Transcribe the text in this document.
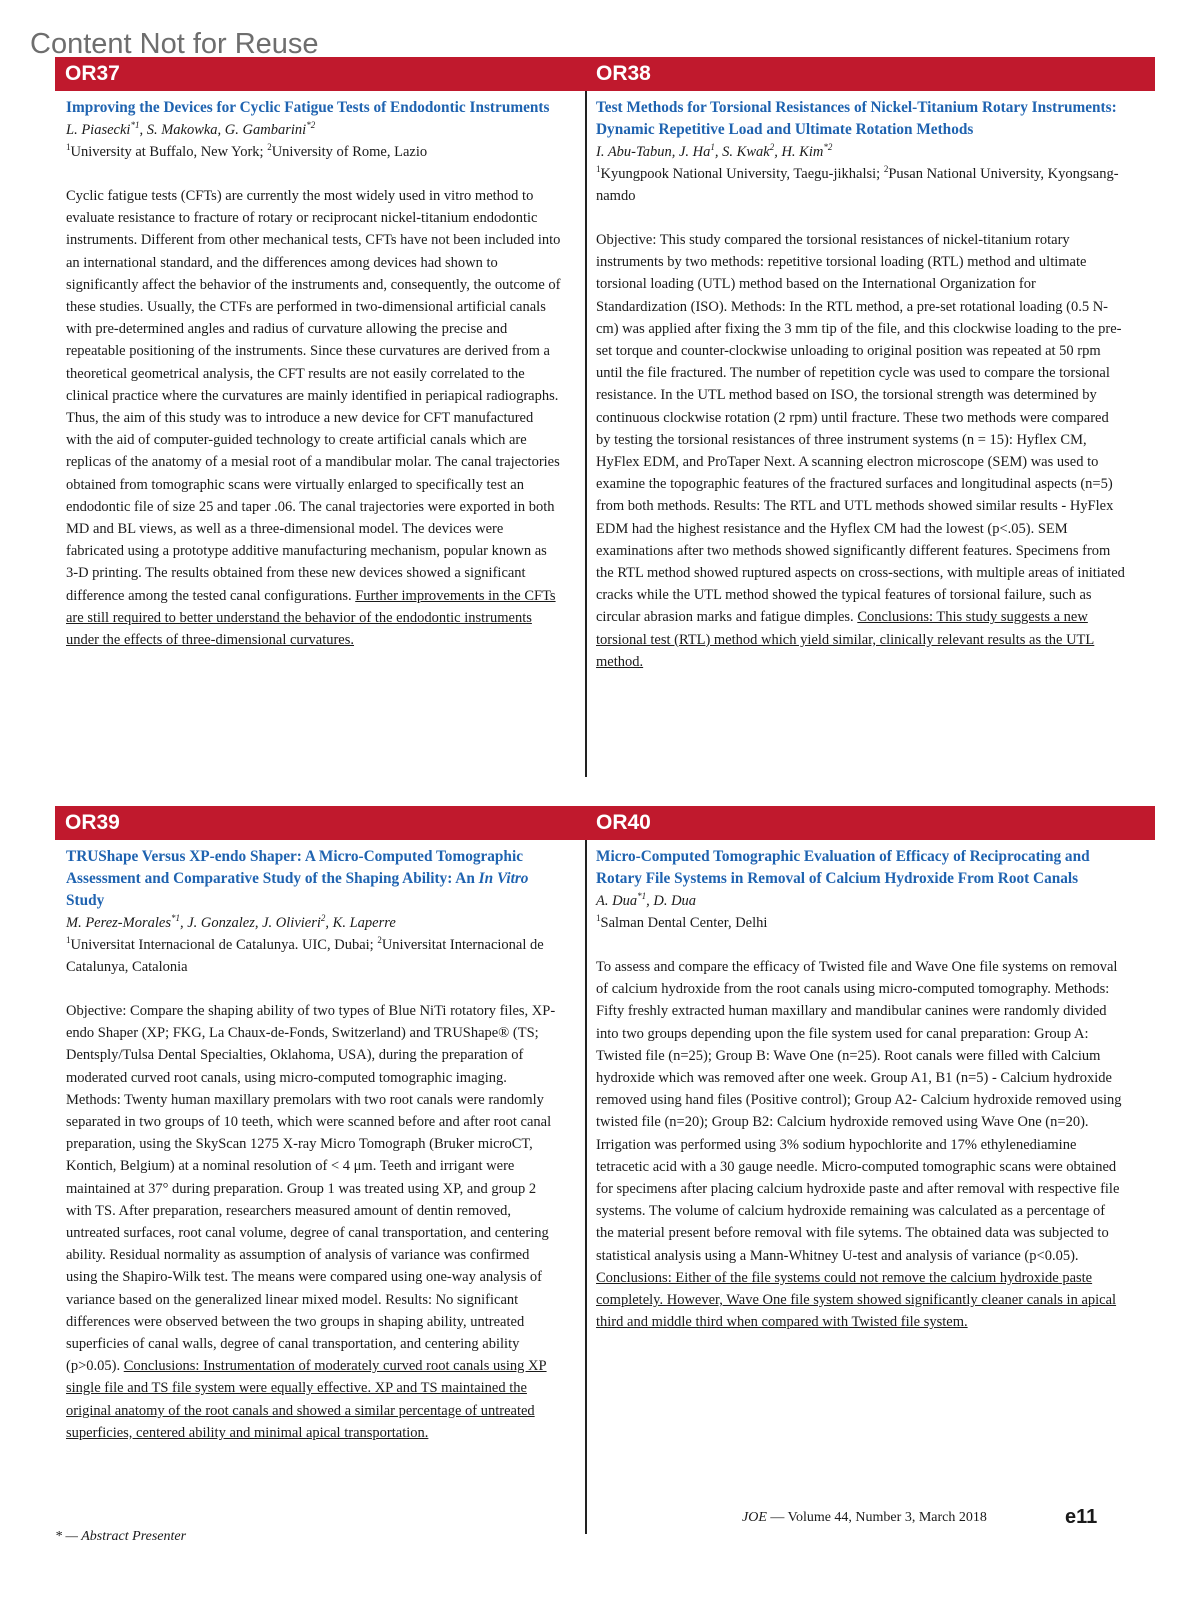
Content Not for Reuse
OR37	OR38

Improving the Devices for Cyclic Fatigue Tests of Endodontic Instruments

L. Piasecki$^{*1}$, S. Makowka, G. Gambarini$^{*2}$

$^1$University at Buffalo, New York; $^2$University of Rome, Lazio

Cyclic fatigue tests (CFTs) are currently the most widely used in vitro method to evaluate resistance to fracture of rotary or reciprocant nickel-titanium endodontic instruments. Different from other mechanical tests, CFTs have not been included into an international standard, and the differences among devices had shown to significantly affect the behavior of the instruments and, consequently, the outcome of these studies. Usually, the CTFs are performed in two-dimensional artificial canals with pre-determined angles and radius of curvature allowing the precise and repeatable positioning of the instruments. Since these curvatures are derived from a theoretical geometrical analysis, the CFT results are not easily correlated to the clinical practice where the curvatures are mainly identified in periapical radiographs. Thus, the aim of this study was to introduce a new device for CFT manufactured with the aid of computer-guided technology to create artificial canals which are replicas of the anatomy of a mesial root of a mandibular molar. The canal trajectories obtained from tomographic scans were virtually enlarged to specifically test an endodontic file of size 25 and taper .06. The canal trajectories were exported in both MD and BL views, as well as a three-dimensional model. The devices were fabricated using a prototype additive manufacturing mechanism, popular known as 3-D printing. The results obtained from these new devices showed a significant difference among the tested canal configurations. Further improvements in the CFTs are still required to better understand the behavior of the endodontic instruments under the effects of three-dimensional curvatures.

Test Methods for Torsional Resistances of Nickel-Titanium Rotary Instruments: Dynamic Repetitive Load and Ultimate Rotation Methods

I. Abu-Tabun, J. Ha$^1$, S. Kwak$^2$, H. Kim$^{*2}$

$^1$Kyungpook National University, Taegu-jikhalsi; $^2$Pusan National University, Kyongsang-namdo

Objective: This study compared the torsional resistances of nickel-titanium rotary instruments by two methods: repetitive torsional loading (RTL) method and ultimate torsional loading (UTL) method based on the International Organization for Standardization (ISO). Methods: In the RTL method, a pre-set rotational loading (0.5 N-cm) was applied after fixing the 3 mm tip of the file, and this clockwise loading to the pre-set torque and counter-clockwise unloading to original position was repeated at 50 rpm until the file fractured. The number of repetition cycle was used to compare the torsional resistance. In the UTL method based on ISO, the torsional strength was determined by continuous clockwise rotation (2 rpm) until fracture. These two methods were compared by testing the torsional resistances of three instrument systems (n = 15): Hyflex CM, HyFlex EDM, and ProTaper Next. A scanning electron microscope (SEM) was used to examine the topographic features of the fractured surfaces and longitudinal aspects (n=5) from both methods. Results: The RTL and UTL methods showed similar results - HyFlex EDM had the highest resistance and the Hyflex CM had the lowest (p<.05). SEM examinations after two methods showed significantly different features. Specimens from the RTL method showed ruptured aspects on cross-sections, with multiple areas of initiated cracks while the UTL method showed the typical features of torsional failure, such as circular abrasion marks and fatigue dimples. Conclusions: This study suggests a new torsional test (RTL) method which yield similar, clinically relevant results as the UTL method.

OR39	OR40

TRUShape Versus XP-endo Shaper: A Micro-Computed Tomographic Assessment and Comparative Study of the Shaping Ability: An In Vitro Study

M. Perez-Morales$^{*1}$, J. Gonzalez, J. Olivieri$^2$, K. Laperre

$^1$Universitat Internacional de Catalunya. UIC, Dubai; $^2$Universitat Internacional de Catalunya, Catalonia

Objective: Compare the shaping ability of two types of Blue NiTi rotatory files, XP-endo Shaper (XP; FKG, La Chaux-de-Fonds, Switzerland) and TRUShape® (TS; Dentsply/Tulsa Dental Specialties, Oklahoma, USA), during the preparation of moderated curved root canals, using micro-computed tomographic imaging. Methods: Twenty human maxillary premolars with two root canals were randomly separated in two groups of 10 teeth, which were scanned before and after root canal preparation, using the SkyScan 1275 X-ray Micro Tomograph (Bruker microCT, Kontich, Belgium) at a nominal resolution of < 4 μm. Teeth and irrigant were maintained at 37° during preparation. Group 1 was treated using XP, and group 2 with TS. After preparation, researchers measured amount of dentin removed, untreated surfaces, root canal volume, degree of canal transportation, and centering ability. Residual normality as assumption of analysis of variance was confirmed using the Shapiro-Wilk test. The means were compared using one-way analysis of variance based on the generalized linear mixed model. Results: No significant differences were observed between the two groups in shaping ability, untreated superficies of canal walls, degree of canal transportation, and centering ability (p>0.05). Conclusions: Instrumentation of moderately curved root canals using XP single file and TS file system were equally effective. XP and TS maintained the original anatomy of the root canals and showed a similar percentage of untreated superficies, centered ability and minimal apical transportation.

Micro-Computed Tomographic Evaluation of Efficacy of Reciprocating and Rotary File Systems in Removal of Calcium Hydroxide From Root Canals

A. Dua$^{*1}$, D. Dua

$^1$Salman Dental Center, Delhi

To assess and compare the efficacy of Twisted file and Wave One file systems on removal of calcium hydroxide from the root canals using micro-computed tomography. Methods: Fifty freshly extracted human maxillary and mandibular canines were randomly divided into two groups depending upon the file system used for canal preparation: Group A: Twisted file (n=25); Group B: Wave One (n=25). Root canals were filled with Calcium hydroxide which was removed after one week. Group A1, B1 (n=5) - Calcium hydroxide removed using hand files (Positive control); Group A2- Calcium hydroxide removed using twisted file (n=20); Group B2: Calcium hydroxide removed using Wave One (n=20). Irrigation was performed using 3% sodium hypochlorite and 17% ethylenediamine tetracetic acid with a 30 gauge needle. Micro-computed tomographic scans were obtained for specimens after placing calcium hydroxide paste and after removal with respective file systems. The volume of calcium hydroxide remaining was calculated as a percentage of the material present before removal with file sytems. The obtained data was subjected to statistical analysis using a Mann-Whitney U-test and analysis of variance (p<0.05). Conclusions: Either of the file systems could not remove the calcium hydroxide paste completely. However, Wave One file system showed significantly cleaner canals in apical third and middle third when compared with Twisted file system.

JOE — Volume 44, Number 3, March 2018	e11
* — Abstract Presenter
